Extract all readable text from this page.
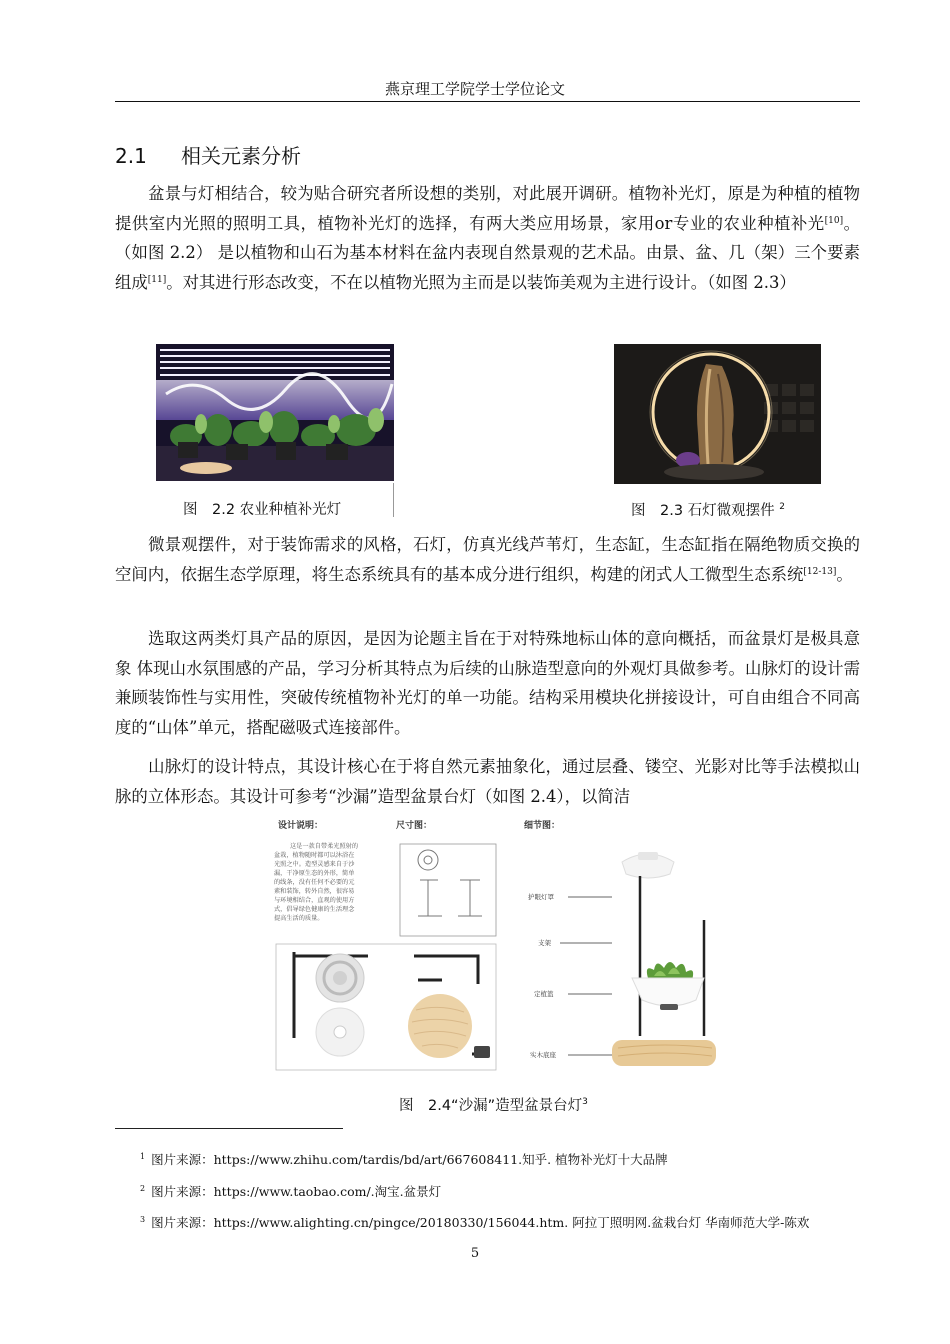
燕京理工学院学士学位论文
2.1 相关元素分析

盆景与灯相结合，较为贴合研究者所设想的类别，对此展开调研。植物补光灯，原是为种植的植物提供室内光照的照明工具，植物补光灯的选择，有两大类应用场景，家用or专业的农业种植补光[10]。（如图 2.2） 是以植物和山石为基本材料在盆内表现自然景观的艺术品。由景、盆、几（架）三个要素组成[11]。对其进行形态改变，不在以植物光照为主而是以装饰美观为主进行设计。（如图 2.3）

图　2.2 农业种植补光灯	图　2.3 石灯微观摆件 $^2$

微景观摆件，对于装饰需求的风格，石灯，仿真光线芦苇灯，生态缸，生态缸指在隔绝物质交换的空间内，依据生态学原理，将生态系统具有的基本成分进行组织，构建的闭式人工微型生态系统[12-13]。

选取这两类灯具产品的原因，是因为论题主旨在于对特殊地标山体的意向概括，而盆景灯是极具意象 体现山水氛围感的产品，学习分析其特点为后续的山脉造型意向的外观灯具做参考。山脉灯的设计需兼顾装饰性与实用性，突破传统植物补光灯的单一功能。结构采用模块化拼接设计，可自由组合不同高度的“山体”单元，搭配磁吸式连接部件。

山脉灯的设计特点，其设计核心在于将自然元素抽象化，通过层叠、镂空、光影对比等手法模拟山脉的立体形态。其设计可参考“沙漏”造型盆景台灯（如图 2.4），以简洁

设计说明：
这是一款自带柔光照射的
盆栽，植物随时都可以沐浴在
光照之中。造型灵感来自于沙
漏，干净原生态的外形，简单
的线条，没有任何不必要的元
素和装饰，转外自然，很容易
与环境相结合，直观的使用方
式，倡导绿色健康的生活理念
提高生活的质量。
尺寸图：	细节图：
护眼灯罩
支架
定植篮
实木底座
图　2.4“沙漏”造型盆景台灯$^3$
$^1$ 图片来源：https://www.zhihu.com/tardis/bd/art/667608411.知乎. 植物补光灯十大品牌
$^2$ 图片来源：https://www.taobao.com/.淘宝.盆景灯
$^3$ 图片来源：https://www.alighting.cn/pingce/20180330/156044.htm. 阿拉丁照明网.盆栽台灯 华南师范大学-陈欢
5
